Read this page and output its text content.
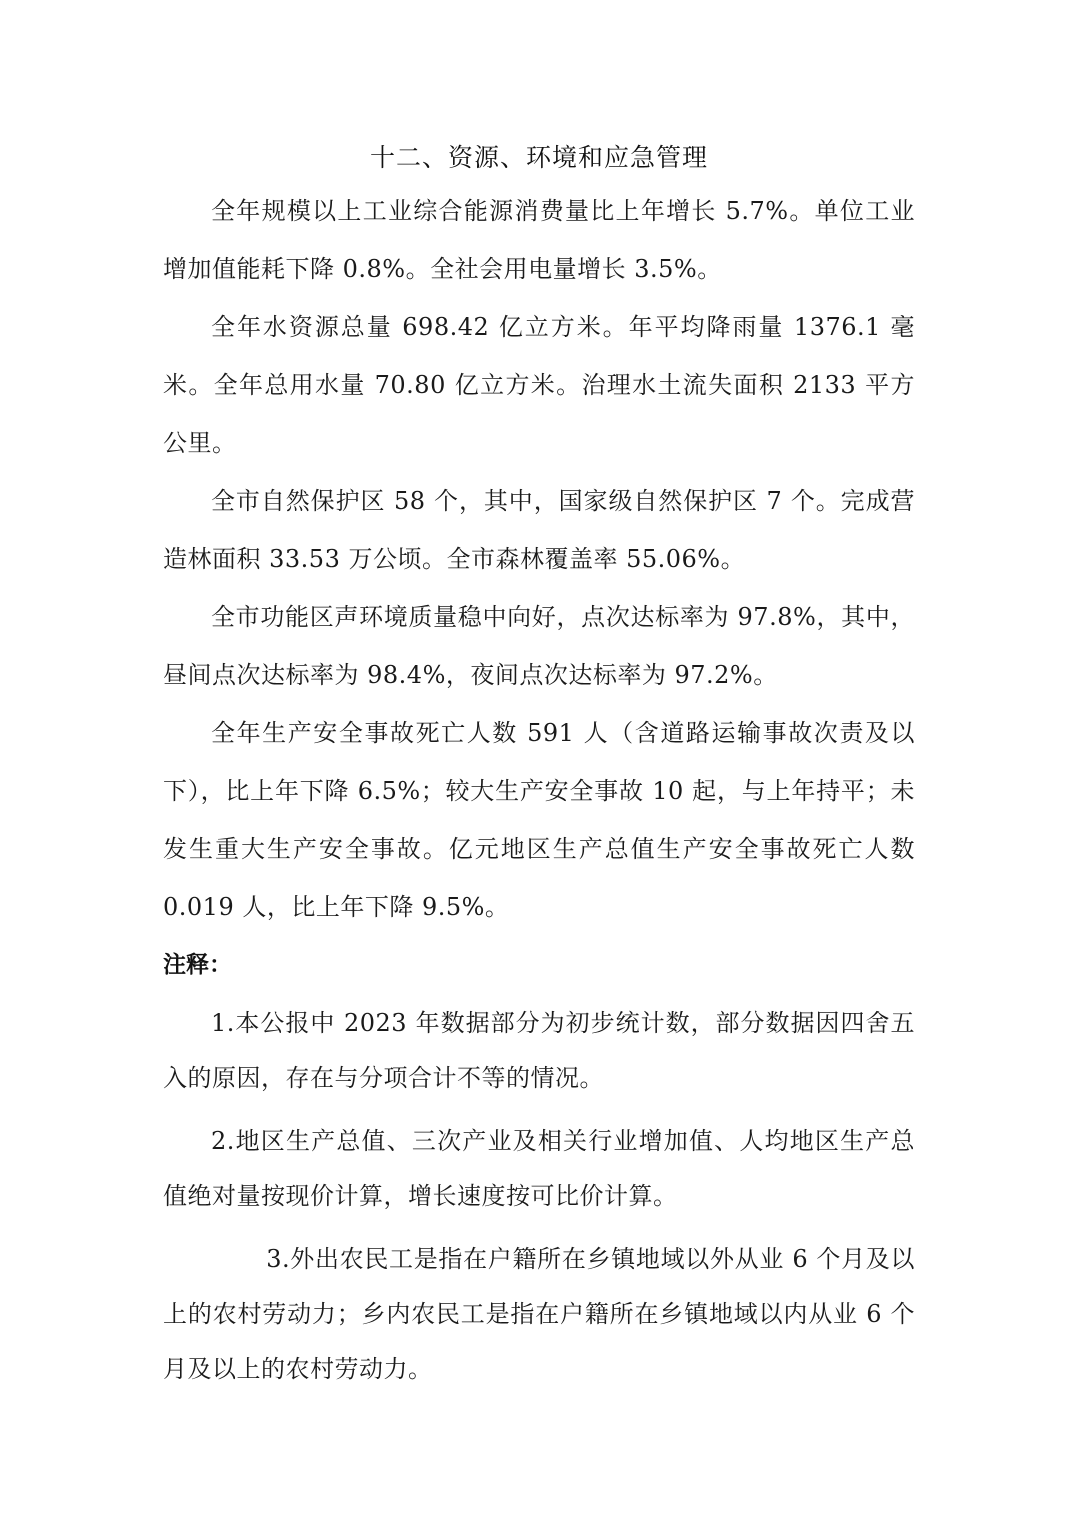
十二、资源、环境和应急管理

全年规模以上工业综合能源消费量比上年增长 5.7%。单位工业增加值能耗下降 0.8%。全社会用电量增长 3.5%。

全年水资源总量 698.42 亿立方米。年平均降雨量 1376.1 毫米。全年总用水量 70.80 亿立方米。治理水土流失面积 2133 平方公里。

全市自然保护区 58 个，其中，国家级自然保护区 7 个。完成营造林面积 33.53 万公顷。全市森林覆盖率 55.06%。

全市功能区声环境质量稳中向好，点次达标率为 97.8%，其中，昼间点次达标率为 98.4%，夜间点次达标率为 97.2%。

全年生产安全事故死亡人数 591 人（含道路运输事故次责及以下），比上年下降 6.5%；较大生产安全事故 10 起，与上年持平；未发生重大生产安全事故。亿元地区生产总值生产安全事故死亡人数 0.019 人，比上年下降 9.5%。

注释：

1.本公报中 2023 年数据部分为初步统计数，部分数据因四舍五入的原因，存在与分项合计不等的情况。

2.地区生产总值、三次产业及相关行业增加值、人均地区生产总值绝对量按现价计算，增长速度按可比价计算。

3.外出农民工是指在户籍所在乡镇地域以外从业 6 个月及以上的农村劳动力；乡内农民工是指在户籍所在乡镇地域以内从业 6 个月及以上的农村劳动力。
